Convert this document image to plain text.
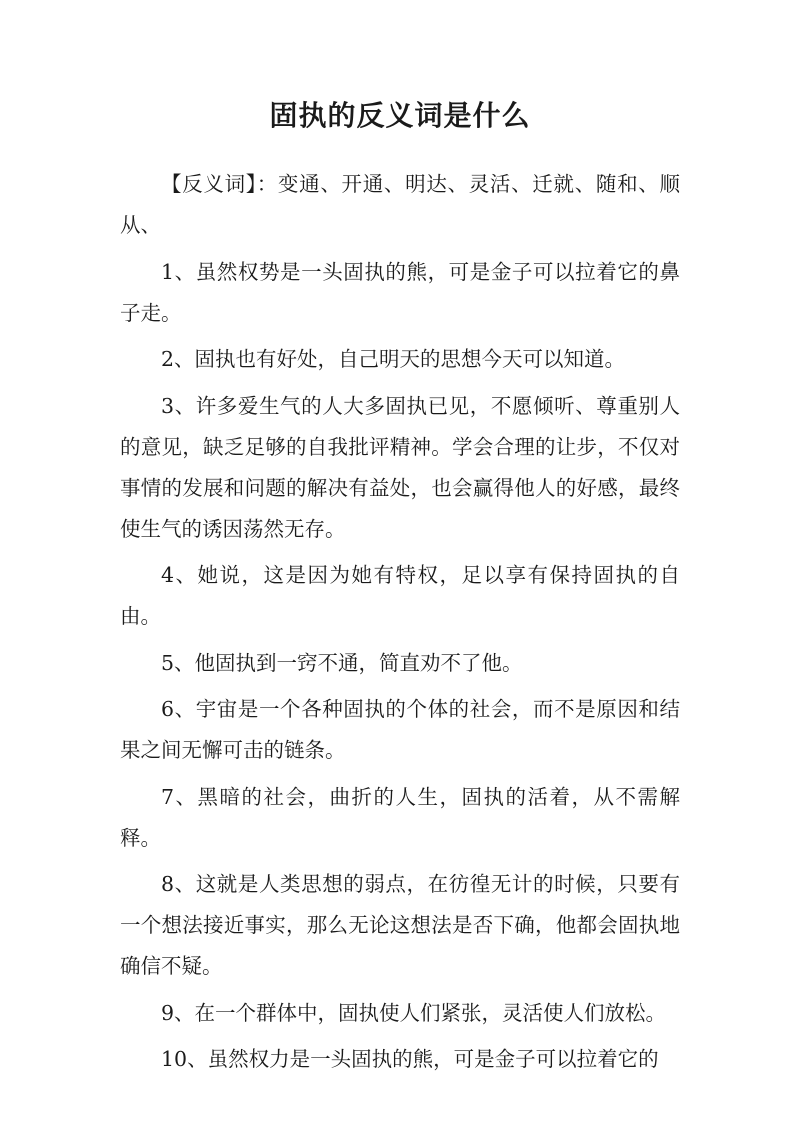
固执的反义词是什么

【反义词】：变通、开通、明达、灵活、迁就、随和、顺从、

1、虽然权势是一头固执的熊，可是金子可以拉着它的鼻子走。

2、固执也有好处，自己明天的思想今天可以知道。

3、许多爱生气的人大多固执已见，不愿倾听、尊重别人的意见，缺乏足够的自我批评精神。学会合理的让步，不仅对事情的发展和问题的解决有益处，也会赢得他人的好感，最终使生气的诱因荡然无存。

4、她说，这是因为她有特权，足以享有保持固执的自由。

5、他固执到一窍不通，简直劝不了他。

6、宇宙是一个各种固执的个体的社会，而不是原因和结果之间无懈可击的链条。

7、黑暗的社会，曲折的人生，固执的活着，从不需解释。

8、这就是人类思想的弱点，在彷徨无计的时候，只要有一个想法接近事实，那么无论这想法是否下确，他都会固执地确信不疑。

9、在一个群体中，固执使人们紧张，灵活使人们放松。

10、虽然权力是一头固执的熊，可是金子可以拉着它的
